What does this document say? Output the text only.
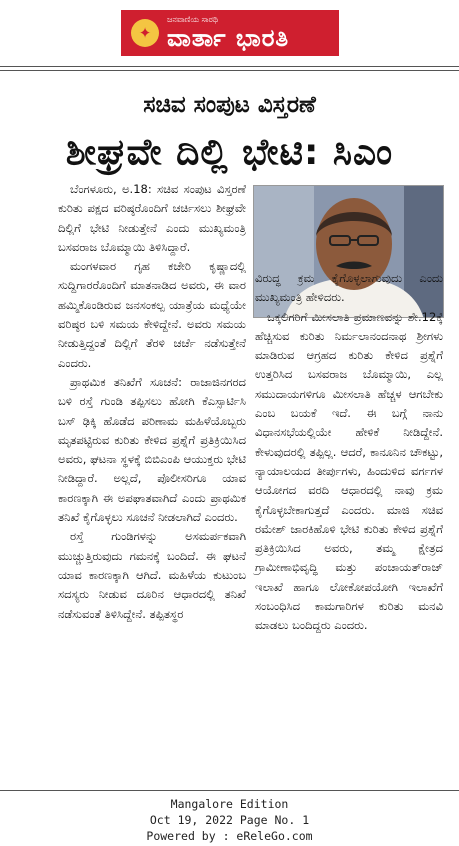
✦
ಜನವಾಣಿಯ ಸಾರಥಿ
ವಾರ್ತಾ ಭಾರತಿ
ಸಚಿವ ಸಂಪುಟ ವಿಸ್ತರಣೆ
ಶೀಘ್ರವೇ ದಿಲ್ಲಿ ಭೇಟಿ: ಸಿಎಂ

ಬೆಂಗಳೂರು, ಅ.18: ಸಚಿವ ಸಂಪುಟ ವಿಸ್ತರಣೆ ಕುರಿತು ಪಕ್ಷದ ವರಿಷ್ಠರೊಂದಿಗೆ ಚರ್ಚಿಸಲು ಶೀಘ್ರವೇ ದಿಲ್ಲಿಗೆ ಭೇಟಿ ನೀಡುತ್ತೇನೆ ಎಂದು ಮುಖ್ಯಮಂತ್ರಿ ಬಸವರಾಜ ಬೊಮ್ಮಾಯಿ ತಿಳಿಸಿದ್ದಾರೆ.

ಮಂಗಳವಾರ ಗೃಹ ಕಚೇರಿ ಕೃಷ್ಣಾದಲ್ಲಿ ಸುದ್ದಿಗಾರರೊಂದಿಗೆ ಮಾತನಾಡಿದ ಅವರು, ಈ ವಾರ ಹಮ್ಮಿಕೊಂಡಿರುವ ಜನಸಂಕಲ್ಪ ಯಾತ್ರೆಯ ಮಧ್ಯೆಯೇ ವರಿಷ್ಠರ ಬಳಿ ಸಮಯ ಕೇಳಿದ್ದೇನೆ. ಅವರು ಸಮಯ ನೀಡುತ್ತಿದ್ದಂತೆ ದಿಲ್ಲಿಗೆ ತೆರಳಿ ಚರ್ಚೆ ನಡೆಸುತ್ತೇನೆ ಎಂದರು.

ಪ್ರಾಥಮಿಕ ತನಿಖೆಗೆ ಸೂಚನೆ: ರಾಜಾಜಿನಗರದ ಬಳಿ ರಸ್ತೆ ಗುಂಡಿ ತಪ್ಪಿಸಲು ಹೋಗಿ ಕೆಎಸ್ಸಾರ್ಟಿಸಿ ಬಸ್ ಢಿಕ್ಕಿ ಹೊಡೆದ ಪರಿಣಾಮ ಮಹಿಳೆಯೊಬ್ಬರು ಮೃತಪಟ್ಟಿರುವ ಕುರಿತು ಕೇಳಿದ ಪ್ರಶ್ನೆಗೆ ಪ್ರತಿಕ್ರಿಯಿಸಿದ ಅವರು, ಘಟನಾ ಸ್ಥಳಕ್ಕೆ ಬಿಬಿಎಂಪಿ ಆಯುಕ್ತರು ಭೇಟಿ ನೀಡಿದ್ದಾರೆ. ಅಲ್ಲದೆ, ಪೊಲೀಸರಿಗೂ ಯಾವ ಕಾರಣಕ್ಕಾಗಿ ಈ ಅಪಘಾತವಾಗಿದೆ ಎಂದು ಪ್ರಾಥಮಿಕ ತನಿಖೆ ಕೈಗೊಳ್ಳಲು ಸೂಚನೆ ನೀಡಲಾಗಿದೆ ಎಂದರು.

ರಸ್ತೆ ಗುಂಡಿಗಳನ್ನು ಅಸಮರ್ಪಕವಾಗಿ ಮುಚ್ಚುತ್ತಿರುವುದು ಗಮನಕ್ಕೆ ಬಂದಿದೆ. ಈ ಘಟನೆ ಯಾವ ಕಾರಣಕ್ಕಾಗಿ ಆಗಿದೆ. ಮಹಿಳೆಯ ಕುಟುಂಬ ಸದಸ್ಯರು ನೀಡುವ ದೂರಿನ ಆಧಾರದಲ್ಲಿ ತನಿಖೆ ನಡೆಸುವಂತೆ ತಿಳಿಸಿದ್ದೇನೆ. ತಪ್ಪಿತಸ್ಥರ

ವಿರುದ್ಧ ಕ್ರಮ ಕೈಗೊಳ್ಳಲಾಗುವುದು ಎಂದು ಮುಖ್ಯಮಂತ್ರಿ ಹೇಳಿದರು.

ಒಕ್ಕಲಿಗರಿಗೆ ಮೀಸಲಾತಿ ಪ್ರಮಾಣವನ್ನು ಶೇ.12ಕ್ಕೆ ಹೆಚ್ಚಿಸುವ ಕುರಿತು ನಿರ್ಮಲಾನಂದನಾಥ ಶ್ರೀಗಳು ಮಾಡಿರುವ ಆಗ್ರಹದ ಕುರಿತು ಕೇಳಿದ ಪ್ರಶ್ನೆಗೆ ಉತ್ತರಿಸಿದ ಬಸವರಾಜ ಬೊಮ್ಮಾಯಿ, ಎಲ್ಲ ಸಮುದಾಯಗಳಿಗೂ ಮೀಸಲಾತಿ ಹೆಚ್ಚಳ ಆಗಬೇಕು ಎಂಬ ಬಯಕೆ ಇದೆ. ಈ ಬಗ್ಗೆ ನಾನು ವಿಧಾನಸಭೆಯಲ್ಲಿಯೇ ಹೇಳಿಕೆ ನೀಡಿದ್ದೇನೆ. ಕೇಳುವುದರಲ್ಲಿ ತಪ್ಪಿಲ್ಲ. ಆದರೆ, ಕಾನೂನಿನ ಚೌಕಟ್ಟು, ನ್ಯಾಯಾಲಯದ ತೀರ್ಪುಗಳು, ಹಿಂದುಳಿದ ವರ್ಗಗಳ ಆಯೋಗದ ವರದಿ ಆಧಾರದಲ್ಲಿ ನಾವು ಕ್ರಮ ಕೈಗೊಳ್ಳಬೇಕಾಗುತ್ತದೆ ಎಂದರು. ಮಾಜಿ ಸಚಿವ ರಮೇಶ್ ಜಾರಕಿಹೊಳಿ ಭೇಟಿ ಕುರಿತು ಕೇಳಿದ ಪ್ರಶ್ನೆಗೆ ಪ್ರತಿಕ್ರಿಯಿಸಿದ ಅವರು, ತಮ್ಮ ಕ್ಷೇತ್ರದ ಗ್ರಾಮೀಣಾಭಿವೃದ್ಧಿ ಮತ್ತು ಪಂಚಾಯತ್‌ರಾಜ್ ಇಲಾಖೆ ಹಾಗೂ ಲೋಕೋಪಯೋಗಿ ಇಲಾಖೆಗೆ ಸಂಬಂಧಿಸಿದ ಕಾಮಗಾರಿಗಳ ಕುರಿತು ಮನವಿ ಮಾಡಲು ಬಂದಿದ್ದರು ಎಂದರು.

Mangalore Edition
Oct 19, 2022 Page No. 1
Powered by : eReleGo.com
